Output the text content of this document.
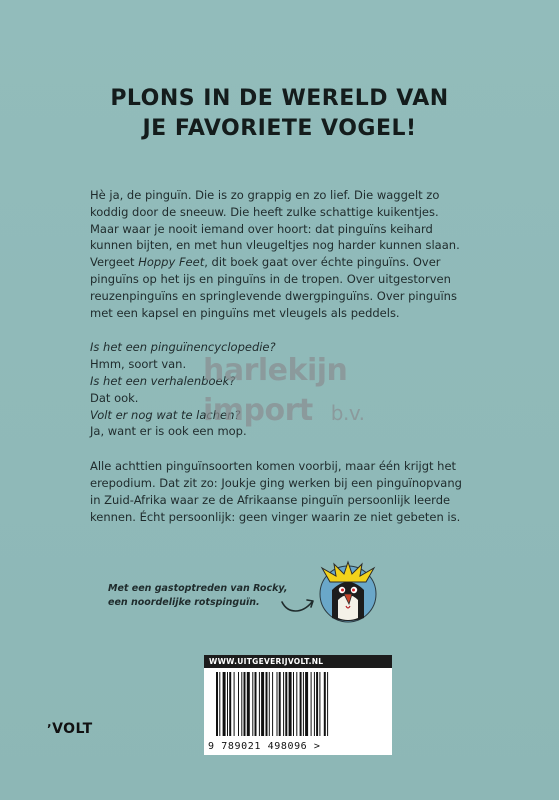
PLONS IN DE WERELD VAN
JE FAVORIETE VOGEL!
Hè ja, de pinguïn. Die is zo grappig en zo lief. Die waggelt zo
koddig door de sneeuw. Die heeft zulke schattige kuikentjes.
Maar waar je nooit iemand over hoort: dat pinguïns keihard
kunnen bijten, en met hun vleugeltjes nog harder kunnen slaan.
Vergeet Hoppy Feet, dit boek gaat over échte pinguïns. Over
pinguïns op het ijs en pinguïns in de tropen. Over uitgestorven
reuzenpinguïns en springlevende dwergpinguïns. Over pinguïns
met een kapsel en pinguïns met vleugels als peddels.
Is het een pinguïnencyclopedie?
Hmm, soort van.
Is het een verhalenboek?
Dat ook.
Volt er nog wat te lachen?
Ja, want er is ook een mop.
Alle achttien pinguïnsoorten komen voorbij, maar één krijgt het
erepodium. Dat zit zo: Joukje ging werken bij een pinguïnopvang
in Zuid-Afrika waar ze de Afrikaanse pinguïn persoonlijk leerde
kennen. Écht persoonlijk: geen vinger waarin ze niet gebeten is.
harlekijn
import b.v.
Met een gastoptreden van Rocky,
een noordelijke rotspinguïn.
WWW.UITGEVERIJVOLT.NL
9 789021 498096 >
ʼVOLT
